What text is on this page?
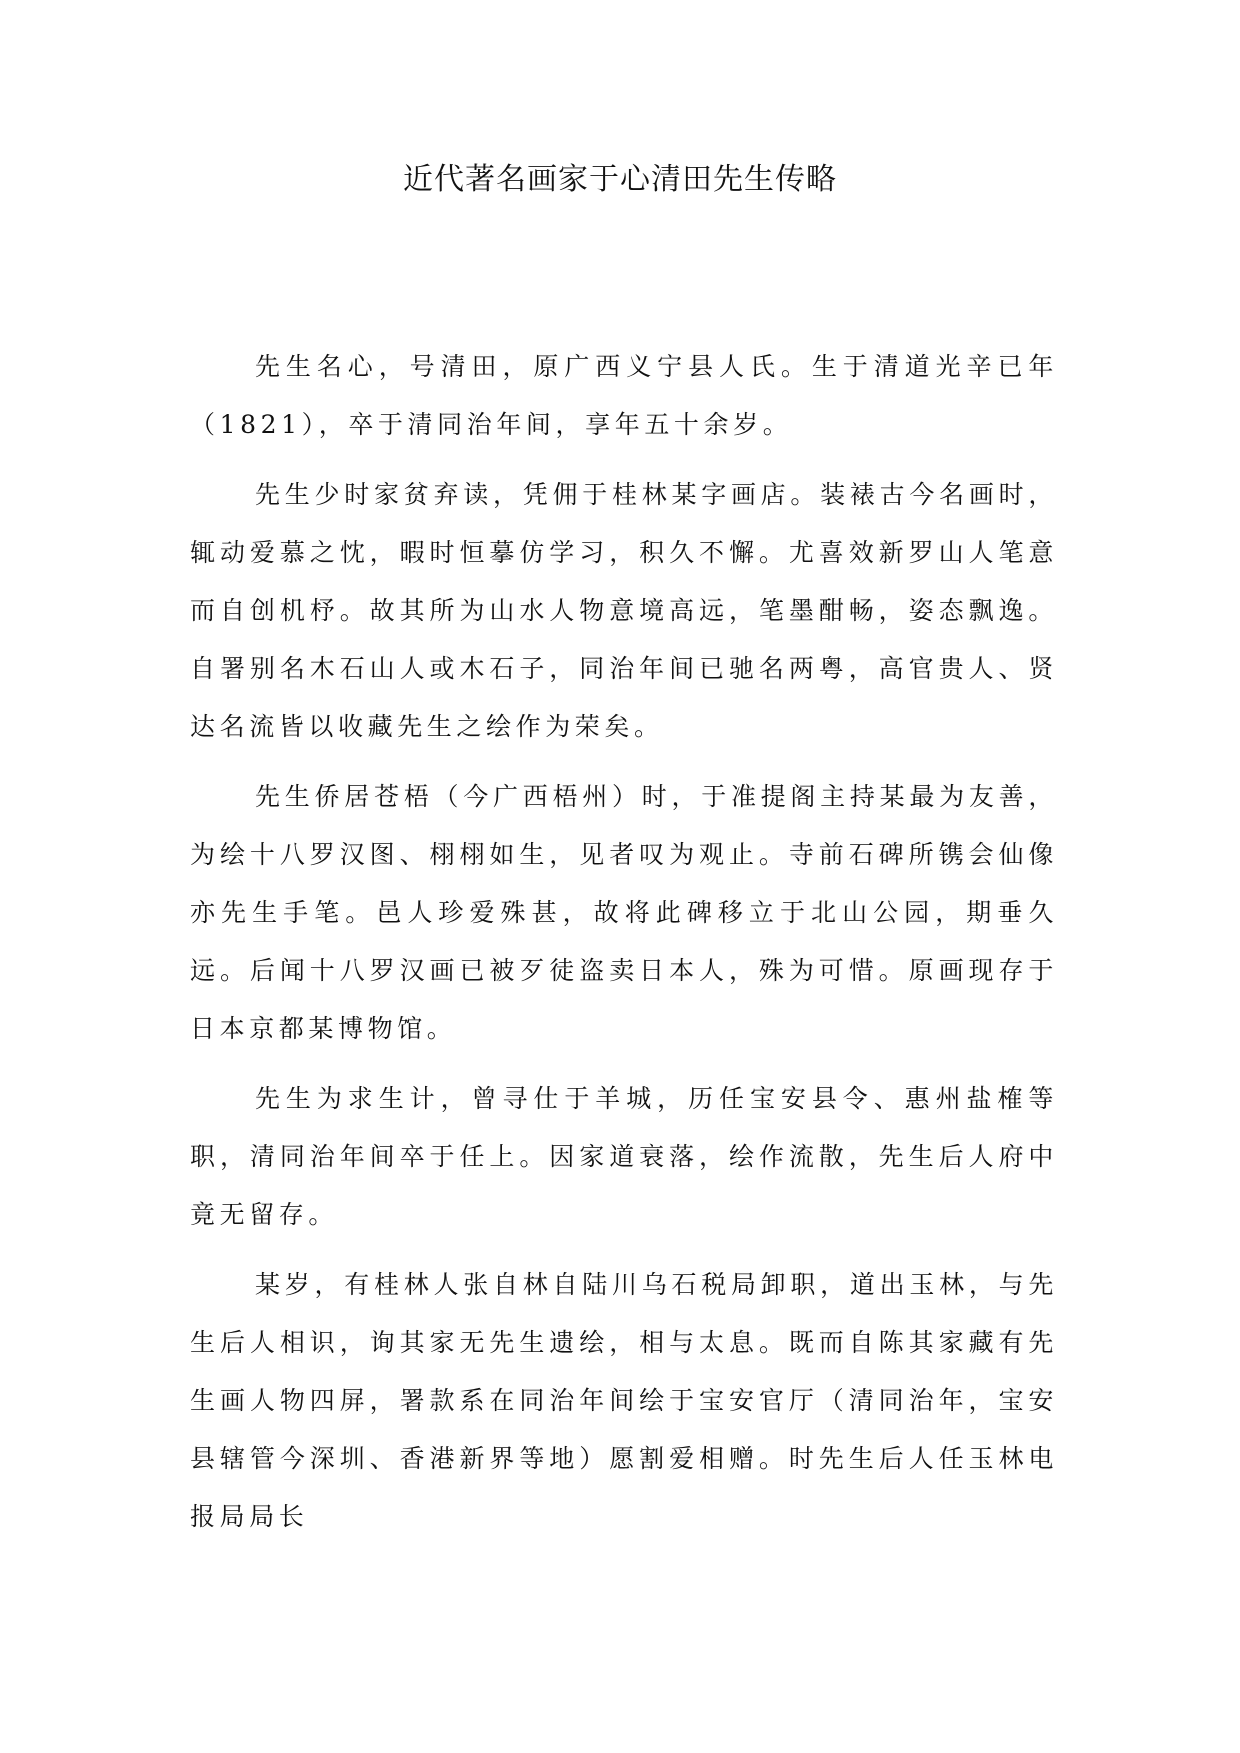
近代著名画家于心清田先生传略

先生名心，号清田，原广西义宁县人氏。生于清道光辛已年（1821），卒于清同治年间，享年五十余岁。

先生少时家贫弃读，凭佣于桂林某字画店。装裱古今名画时，辄动爱慕之忱，暇时恒摹仿学习，积久不懈。尤喜效新罗山人笔意而自创机杼。故其所为山水人物意境高远，笔墨酣畅，姿态飘逸。自署别名木石山人或木石子，同治年间已驰名两粤，高官贵人、贤达名流皆以收藏先生之绘作为荣矣。

先生侨居苍梧（今广西梧州）时，于准提阁主持某最为友善，为绘十八罗汉图、栩栩如生，见者叹为观止。寺前石碑所镌会仙像亦先生手笔。邑人珍爱殊甚，故将此碑移立于北山公园，期垂久远。后闻十八罗汉画已被歹徒盗卖日本人，殊为可惜。原画现存于日本京都某博物馆。

先生为求生计，曾寻仕于羊城，历任宝安县令、惠州盐榷等职，清同治年间卒于任上。因家道衰落，绘作流散，先生后人府中竟无留存。

某岁，有桂林人张自林自陆川乌石税局卸职，道出玉林，与先生后人相识，询其家无先生遗绘，相与太息。既而自陈其家藏有先生画人物四屏，署款系在同治年间绘于宝安官厅（清同治年，宝安县辖管今深圳、香港新界等地）愿割爱相赠。时先生后人任玉林电报局局长
